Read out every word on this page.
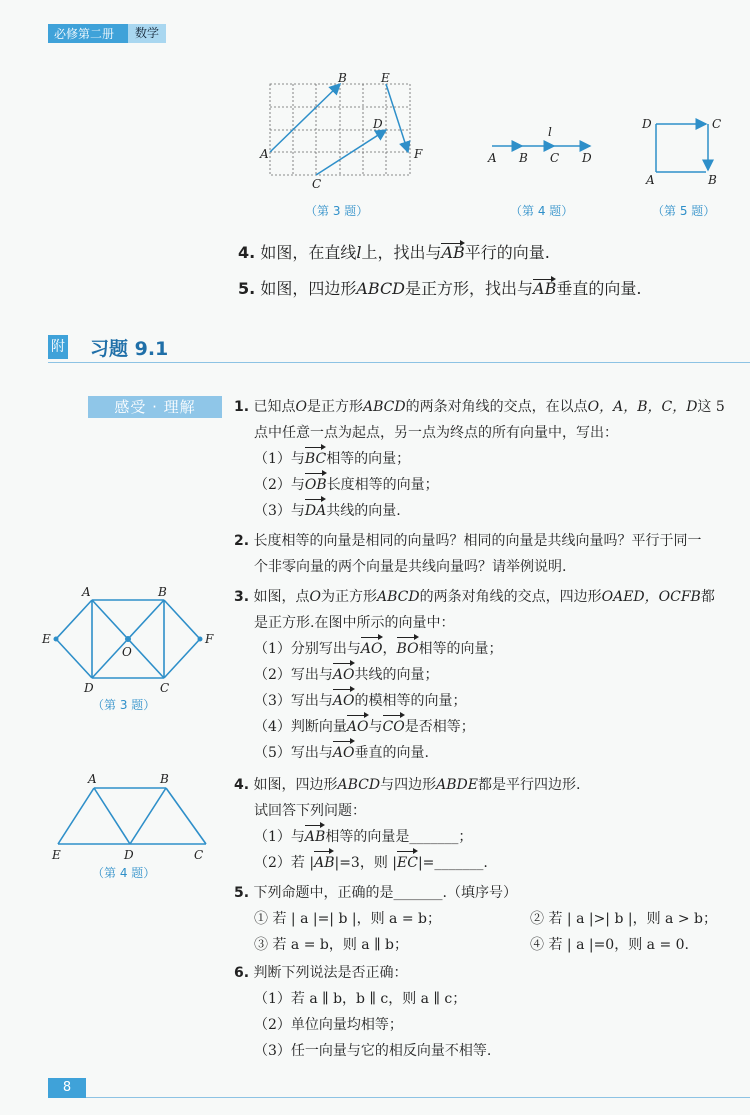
必修第二册	数学
A
B
C
D
E
F
（第 3 题）
l
A B C D
（第 4 题）
A	B
C
D
（第 5 题）
4. 如图，在直线l上，找出与AB平行的向量.
5. 如图，四边形ABCD是正方形，找出与AB垂直的向量.
附 习题 9.1
感受 · 理解	1. 已知点O是正方形ABCD的两条对角线的交点，在以点O，A，B，C，D这 5
点中任意一点为起点，另一点为终点的所有向量中，写出：
（1）与BC相等的向量；
（2）与OB长度相等的向量；
（3）与DA共线的向量.
2. 长度相等的向量是相同的向量吗？相同的向量是共线向量吗？平行于同一
个非零向量的两个向量是共线向量吗？请举例说明.
A	B
C
D
E	F
O
（第 3 题）
3. 如图，点O为正方形ABCD的两条对角线的交点，四边形OAED，OCFB都
是正方形.在图中所示的向量中：
（1）分别写出与AO，BO相等的向量；
（2）写出与AO共线的向量；
（3）写出与AO的模相等的向量；
（4）判断向量AO与CO是否相等；
（5）写出与AO垂直的向量.
A	B
C
D
E
（第 4 题）
4. 如图，四边形ABCD与四边形ABDE都是平行四边形.
试回答下列问题：
（1）与AB相等的向量是_______；
（2）若 |AB|=3，则 |EC|=_______.
5. 下列命题中，正确的是_______.（填序号）
① 若 | a |=| b |，则 a = b；	② 若 | a |>| b |，则 a > b；
③ 若 a = b，则 a ∥ b；	④ 若 | a |=0，则 a = 0.
6. 判断下列说法是否正确：
（1）若 a ∥ b，b ∥ c，则 a ∥ c；
（2）单位向量均相等；
（3）任一向量与它的相反向量不相等.
8
